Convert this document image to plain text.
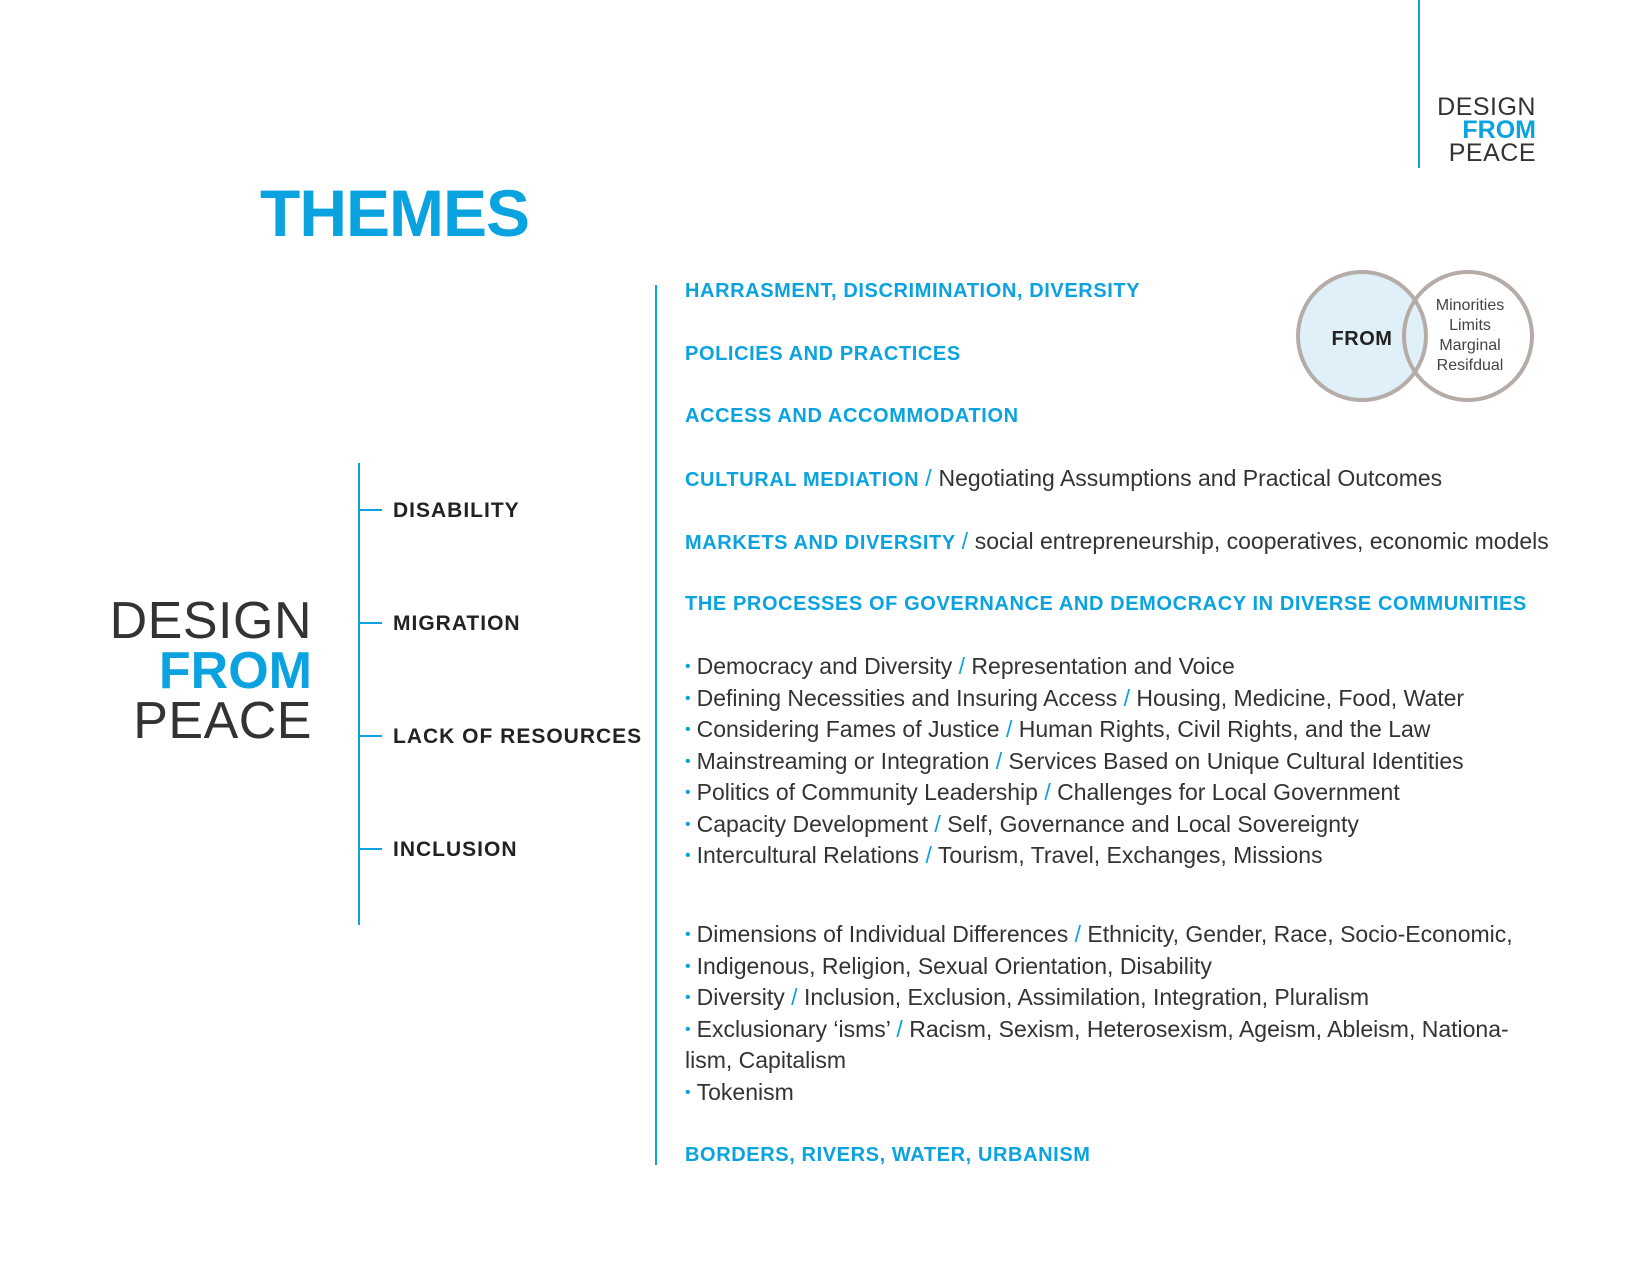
DESIGN
FROM
PEACE
THEMES
DESIGN
FROM
PEACE
DISABILITY
MIGRATION
LACK OF RESOURCES
INCLUSION
FROM
Minorities
Limits
Marginal
Resifdual
HARRASMENT, DISCRIMINATION, DIVERSITY
POLICIES AND PRACTICES
ACCESS AND ACCOMMODATION
CULTURAL MEDIATION / Negotiating Assumptions and Practical Outcomes
MARKETS AND DIVERSITY / social entrepreneurship, cooperatives, economic models
THE PROCESSES OF GOVERNANCE AND DEMOCRACY IN DIVERSE COMMUNITIES
• Democracy and Diversity / Representation and Voice
• Defining Necessities and Insuring Access / Housing, Medicine, Food, Water
• Considering Fames of Justice / Human Rights, Civil Rights, and the Law
• Mainstreaming or Integration / Services Based on Unique Cultural Identities
• Politics of Community Leadership / Challenges for Local Government
• Capacity Development / Self, Governance and Local Sovereignty
• Intercultural Relations / Tourism, Travel, Exchanges, Missions
• Dimensions of Individual Differences / Ethnicity, Gender, Race, Socio-Economic,
• Indigenous, Religion, Sexual Orientation, Disability
• Diversity / Inclusion, Exclusion, Assimilation, Integration, Pluralism
• Exclusionary ‘isms’ / Racism, Sexism, Heterosexism, Ageism, Ableism, Nationa-lism, Capitalism
• Tokenism
BORDERS, RIVERS, WATER, URBANISM
